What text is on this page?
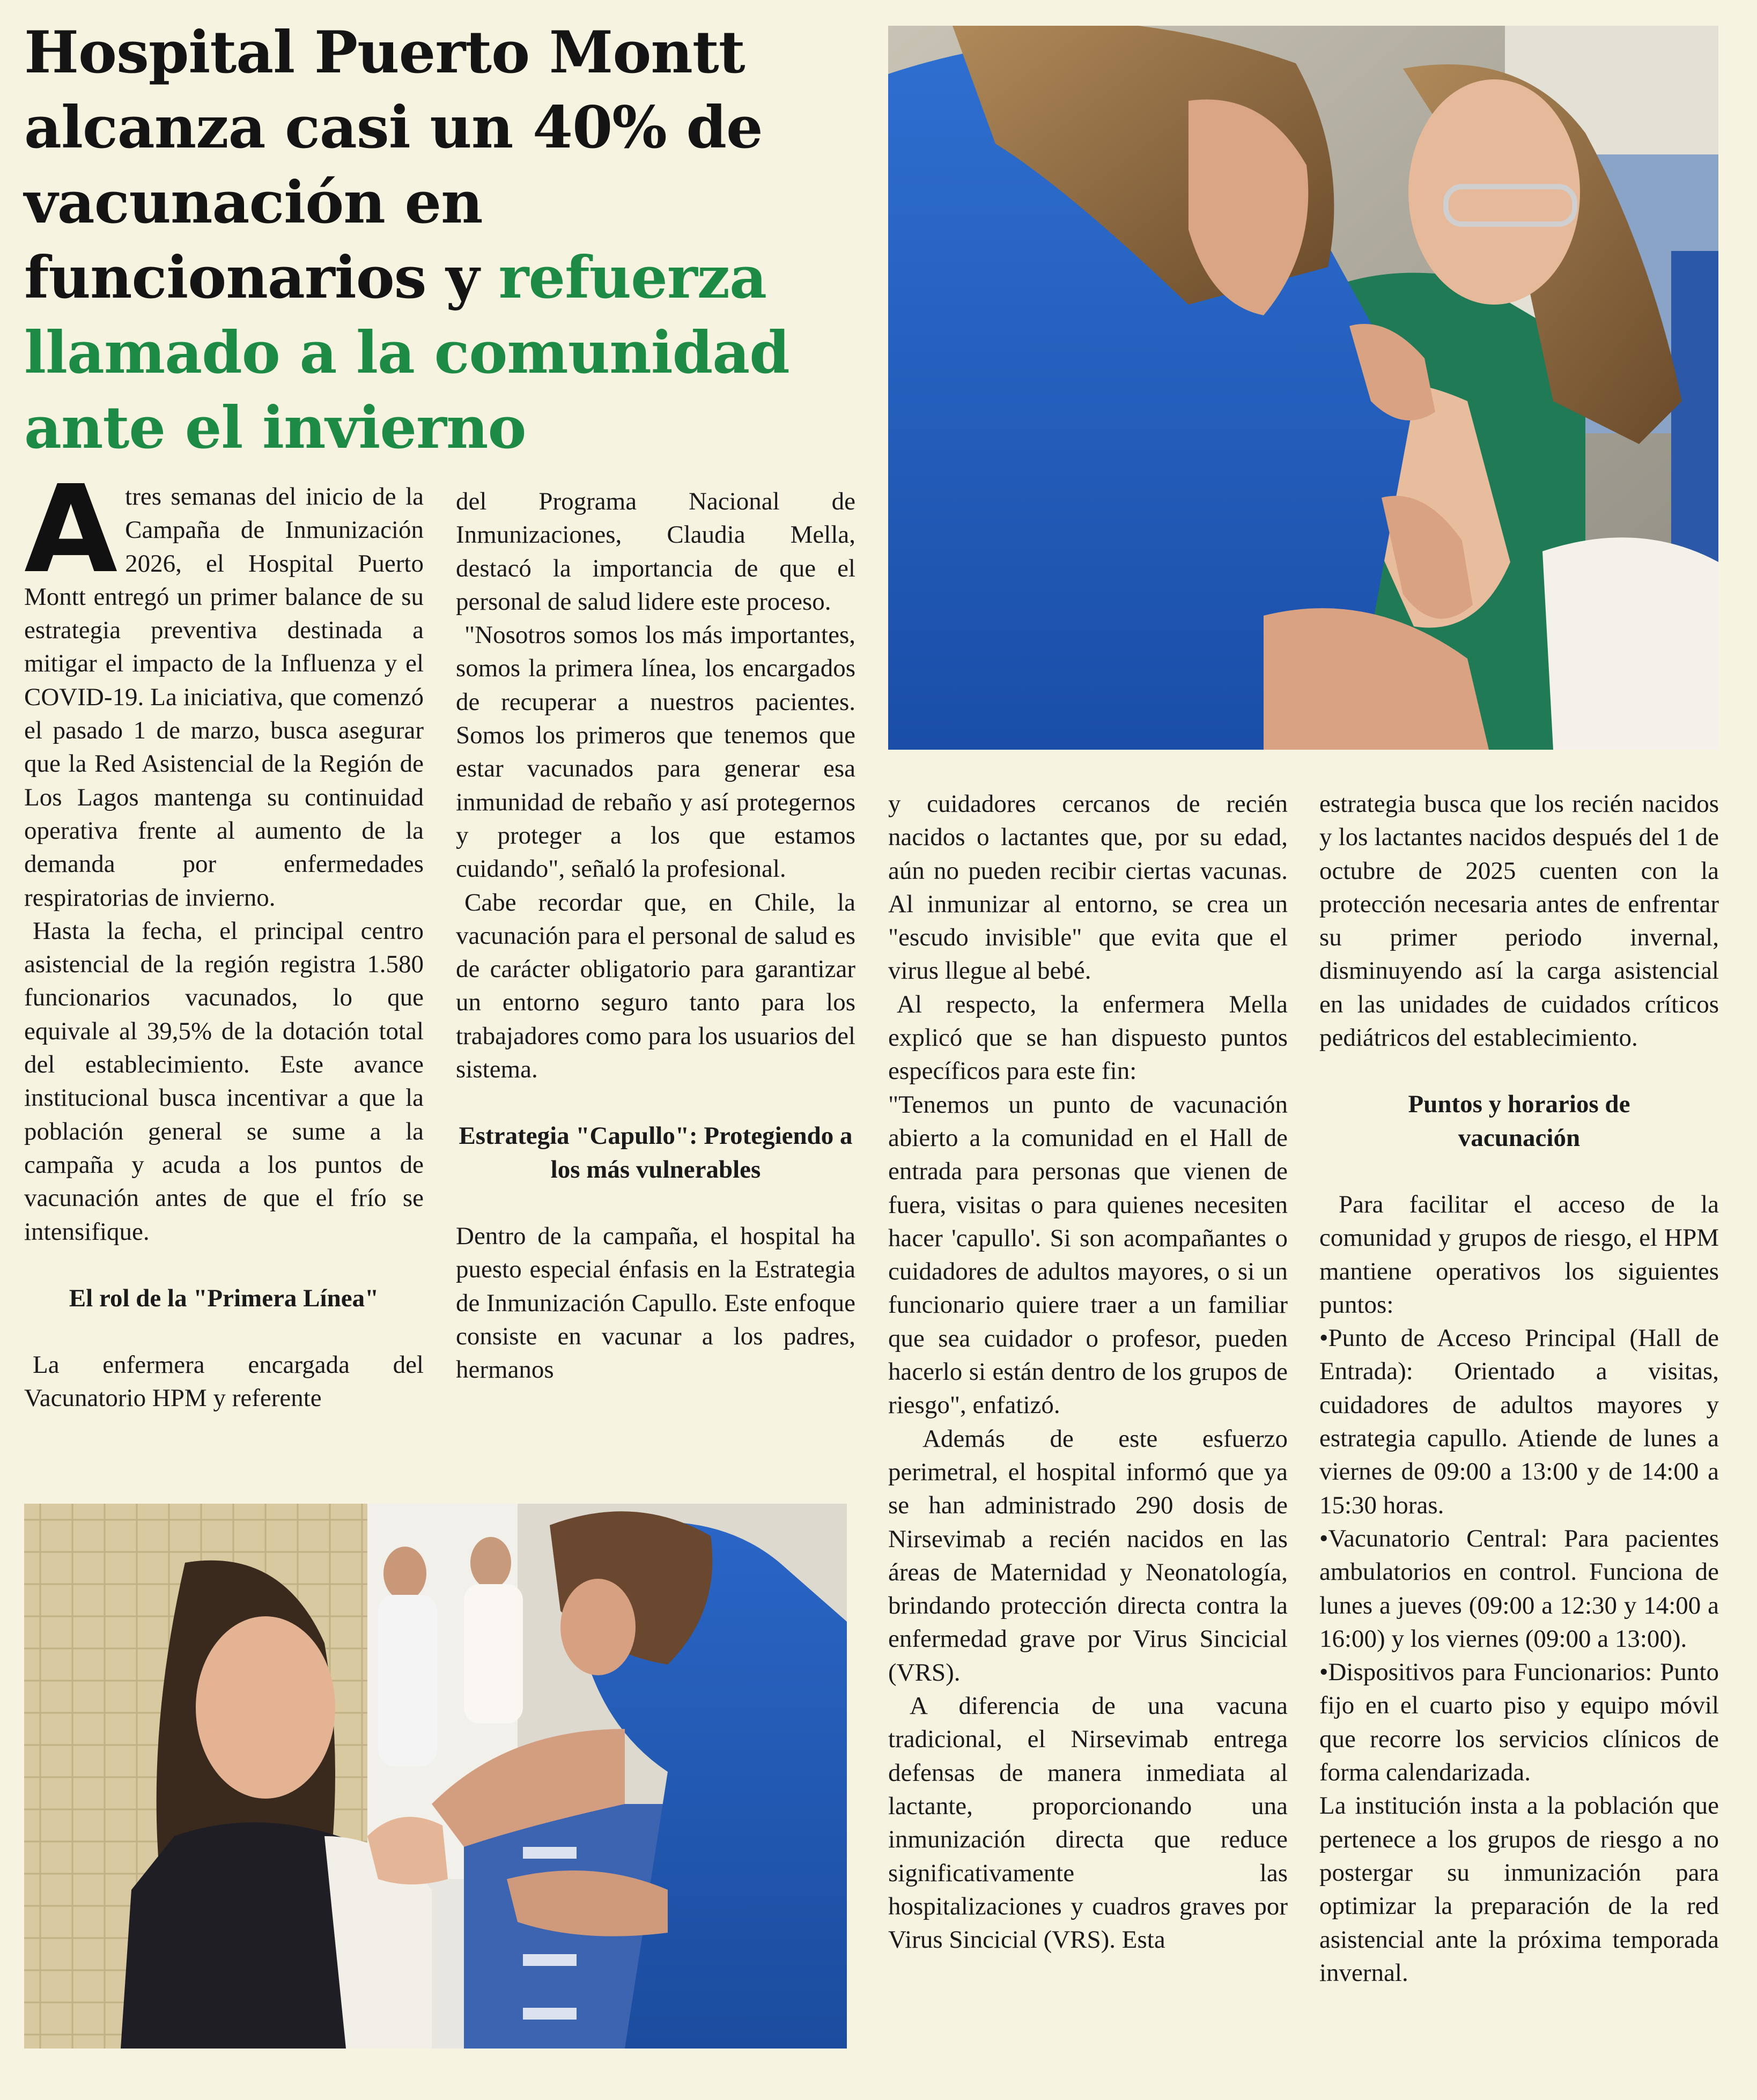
Hospital Puerto Montt alcanza casi un 40% de vacunación en funcionarios y refuerza llamado a la comunidad ante el invierno
A tres semanas del inicio de la Campaña de Inmunización 2026, el Hospital Puerto Montt entregó un primer balance de su estrategia preventiva destinada a mitigar el impacto de la Influenza y el COVID-19. La iniciativa, que comenzó el pasado 1 de marzo, busca asegurar que la Red Asistencial de la Región de Los Lagos mantenga su continuidad operativa frente al aumento de la demanda por enfermedades respiratorias de invierno.

Hasta la fecha, el principal centro asistencial de la región registra 1.580 funcionarios vacunados, lo que equivale al 39,5% de la dotación total del establecimiento. Este avance institucional busca incentivar a que la población general se sume a la campaña y acuda a los puntos de vacunación antes de que el frío se intensifique.

El rol de la "Primera Línea"

La enfermera encargada del Vacunatorio HPM y referente

del Programa Nacional de Inmunizaciones, Claudia Mella, destacó la importancia de que el personal de salud lidere este proceso.

"Nosotros somos los más importantes, somos la primera línea, los encargados de recuperar a nuestros pacientes. Somos los primeros que tenemos que estar vacunados para generar esa inmunidad de rebaño y así protegernos y proteger a los que estamos cuidando", señaló la profesional.

Cabe recordar que, en Chile, la vacunación para el personal de salud es de carácter obligatorio para garantizar un entorno seguro tanto para los trabajadores como para los usuarios del sistema.

Estrategia "Capullo": Protegiendo a los más vulnerables

Dentro de la campaña, el hospital ha puesto especial énfasis en la Estrategia de Inmunización Capullo. Este enfoque consiste en vacunar a los padres, hermanos

y cuidadores cercanos de recién nacidos o lactantes que, por su edad, aún no pueden recibir ciertas vacunas. Al inmunizar al entorno, se crea un "escudo invisible" que evita que el virus llegue al bebé.

Al respecto, la enfermera Mella explicó que se han dispuesto puntos específicos para este fin:

"Tenemos un punto de vacunación abierto a la comunidad en el Hall de entrada para personas que vienen de fuera, visitas o para quienes necesiten hacer 'capullo'. Si son acompañantes o cuidadores de adultos mayores, o si un funcionario quiere traer a un familiar que sea cuidador o profesor, pueden hacerlo si están dentro de los grupos de riesgo", enfatizó.

Además de este esfuerzo perimetral, el hospital informó que ya se han administrado 290 dosis de Nirsevimab a recién nacidos en las áreas de Maternidad y Neonatología, brindando protección directa contra la enfermedad grave por Virus Sincicial (VRS).

A diferencia de una vacuna tradicional, el Nirsevimab entrega defensas de manera inmediata al lactante, proporcionando una inmunización directa que reduce significativamente las hospitalizaciones y cuadros graves por Virus Sincicial (VRS). Esta

estrategia busca que los recién nacidos y los lactantes nacidos después del 1 de octubre de 2025 cuenten con la protección necesaria antes de enfrentar su primer periodo invernal, disminuyendo así la carga asistencial en las unidades de cuidados críticos pediátricos del establecimiento.

Puntos y horarios de vacunación

Para facilitar el acceso de la comunidad y grupos de riesgo, el HPM mantiene operativos los siguientes puntos:

•Punto de Acceso Principal (Hall de Entrada): Orientado a visitas, cuidadores de adultos mayores y estrategia capullo. Atiende de lunes a viernes de 09:00 a 13:00 y de 14:00 a 15:30 horas.

•Vacunatorio Central: Para pacientes ambulatorios en control. Funciona de lunes a jueves (09:00 a 12:30 y 14:00 a 16:00) y los viernes (09:00 a 13:00).

•Dispositivos para Funcionarios: Punto fijo en el cuarto piso y equipo móvil que recorre los servicios clínicos de forma calendarizada.

La institución insta a la población que pertenece a los grupos de riesgo a no postergar su inmunización para optimizar la preparación de la red asistencial ante la próxima temporada invernal.
